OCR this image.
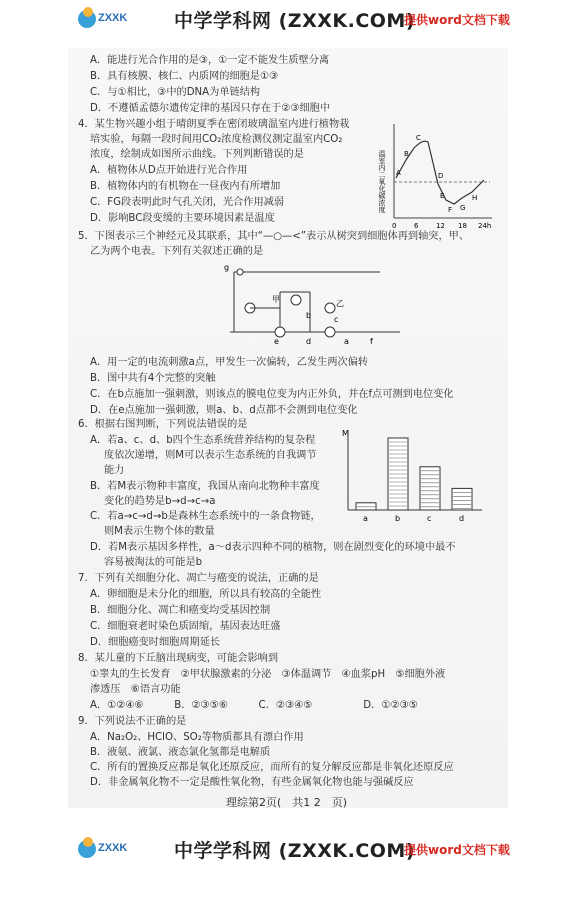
ZXXK 中学学科网 (ZXXK.COM)
提供word文档下载
A．能进行光合作用的是③，①一定不能发生质壁分离
B．具有核膜、核仁、内质网的细胞是①③
C．与①相比，③中的DNA为单链结构
D．不遵循孟德尔遗传定律的基因只存在于②③细胞中
4．某生物兴趣小组于晴朗夏季在密闭玻璃温室内进行植物栽
培实验，每隔一段时间用CO₂浓度检测仪测定温室内CO₂
浓度，绘制成如图所示曲线。下列判断错误的是
A．植物体从D点开始进行光合作用
B．植物体内的有机物在一昼夜内有所增加
C．FG段表明此时气孔关闭，光合作用减弱
D．影响BC段变缓的主要环境因素是温度
温室内二氧化碳浓度 A
B
C
D
E
F G
H
0	6	12 18 24h
5．下图表示三个神经元及其联系，其中“—○—<”表示从树突到细胞体再到轴突，甲、
乙为两个电表。下列有关叙述正确的是
g
甲	乙
b	c
e	d	a	f
A．用一定的电流刺激a点，甲发生一次偏转，乙发生两次偏转
B．图中共有4个完整的突触
C．在b点施加一强刺激，则该点的膜电位变为内正外负，并在f点可测到电位变化
D．在e点施加一强刺激，则a、b、d点都不会测到电位变化
6．根据右图判断，下列说法错误的是
A．若a、c、d、b四个生态系统营养结构的复杂程
度依次递增，则M可以表示生态系统的自我调节
能力
B．若M表示物种丰富度，我国从南向北物种丰富度
变化的趋势是b→d→c→a
C．若a→c→d→b是森林生态系统中的一条食物链，
则M表示生物个体的数量
D．若M表示基因多样性，a～d表示四种不同的植物，则在剧烈变化的环境中最不
容易被淘汰的可能是b
M
a	b	c	d
7．下列有关细胞分化、凋亡与癌变的说法，正确的是
A．卵细胞是未分化的细胞，所以具有较高的全能性
B．细胞分化、凋亡和癌变均受基因控制
C．细胞衰老时染色质固缩，基因表达旺盛
D．细胞癌变时细胞周期延长
8．某儿童的下丘脑出现病变，可能会影响到
①睾丸的生长发育　②甲状腺激素的分泌　③体温调节　④血浆pH　⑤细胞外液
渗透压　⑥语言功能
A．①②④⑥　　　B．②③⑤⑥　　　C．②③④⑤　　　　　D．①②③⑤
9．下列说法不正确的是
A．Na₂O₂、HClO、SO₂等物质都具有漂白作用
B．液氨、液氯、液态氯化氢都是电解质
C．所有的置换反应都是氧化还原反应，而所有的复分解反应都是非氧化还原反应
D．非金属氧化物不一定是酸性氧化物，有些金属氧化物也能与强碱反应
理综第2页(　共1 2　页)
ZXXK 中学学科网 (ZXXK.COM)
提供word文档下载
